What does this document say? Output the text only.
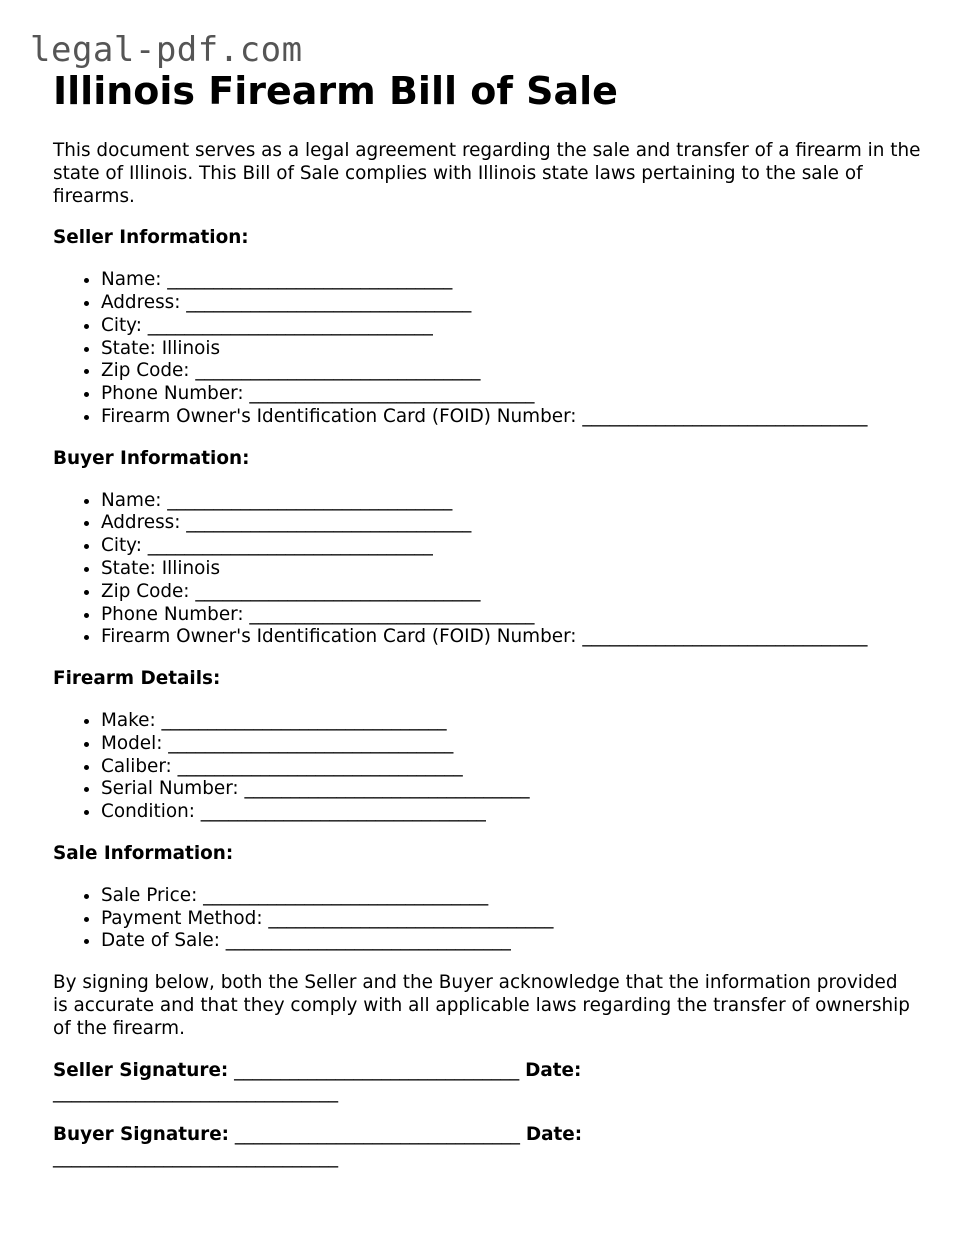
legal-pdf.com
Illinois Firearm Bill of Sale

This document serves as a legal agreement regarding the sale and transfer of a firearm in the state of Illinois. This Bill of Sale complies with Illinois state laws pertaining to the sale of firearms.

Seller Information:

• Name: _______________________________
• Address: _______________________________
• City: _______________________________
• State: Illinois
• Zip Code: _______________________________
• Phone Number: _______________________________
• Firearm Owner's Identification Card (FOID) Number: _______________________________

Buyer Information:

• Name: _______________________________
• Address: _______________________________
• City: _______________________________
• State: Illinois
• Zip Code: _______________________________
• Phone Number: _______________________________
• Firearm Owner's Identification Card (FOID) Number: _______________________________

Firearm Details:

• Make: _______________________________
• Model: _______________________________
• Caliber: _______________________________
• Serial Number: _______________________________
• Condition: _______________________________

Sale Information:

• Sale Price: _______________________________
• Payment Method: _______________________________
• Date of Sale: _______________________________

By signing below, both the Seller and the Buyer acknowledge that the information provided is accurate and that they comply with all applicable laws regarding the transfer of ownership of the firearm.

Seller Signature: _______________________________ Date: _______________________________

Buyer Signature: _______________________________ Date: _______________________________
